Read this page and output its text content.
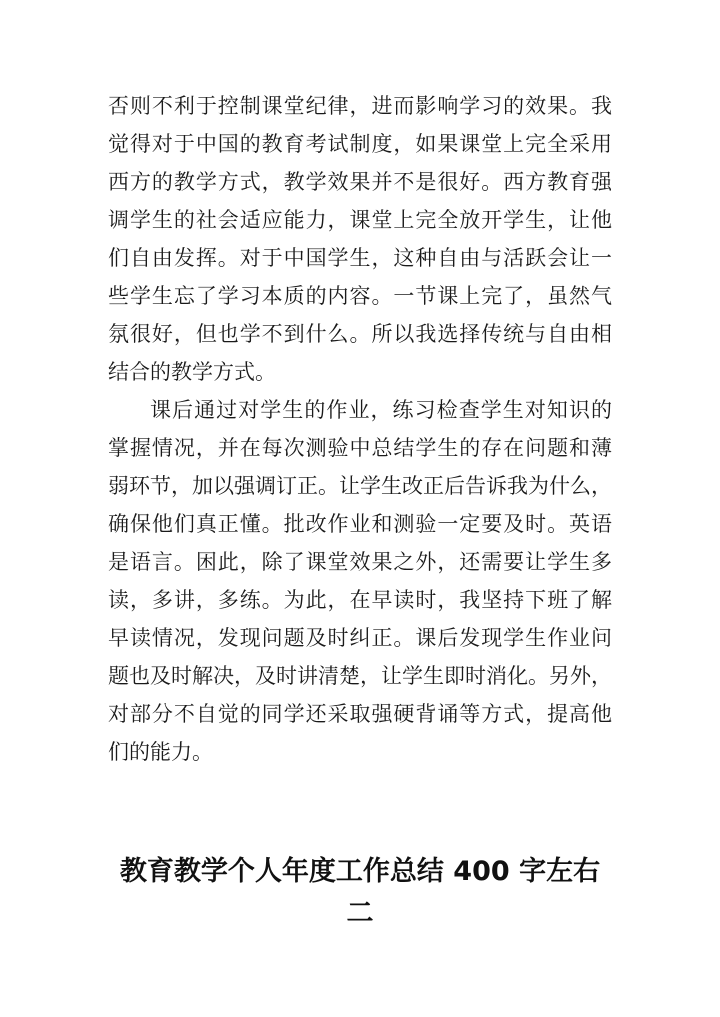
否则不利于控制课堂纪律，进而影响学习的效果。我
觉得对于中国的教育考试制度，如果课堂上完全采用
西方的教学方式，教学效果并不是很好。西方教育强
调学生的社会适应能力，课堂上完全放开学生，让他
们自由发挥。对于中国学生，这种自由与活跃会让一
些学生忘了学习本质的内容。一节课上完了，虽然气
氛很好，但也学不到什么。所以我选择传统与自由相
结合的教学方式。
课后通过对学生的作业，练习检查学生对知识的
掌握情况，并在每次测验中总结学生的存在问题和薄
弱环节，加以强调订正。让学生改正后告诉我为什么，
确保他们真正懂。批改作业和测验一定要及时。英语
是语言。困此，除了课堂效果之外，还需要让学生多
读，多讲，多练。为此，在早读时，我坚持下班了解
早读情况，发现问题及时纠正。课后发现学生作业问
题也及时解决，及时讲清楚，让学生即时消化。另外，
对部分不自觉的同学还采取强硬背诵等方式，提高他
们的能力。
教育教学个人年度工作总结 400 字左右
二
